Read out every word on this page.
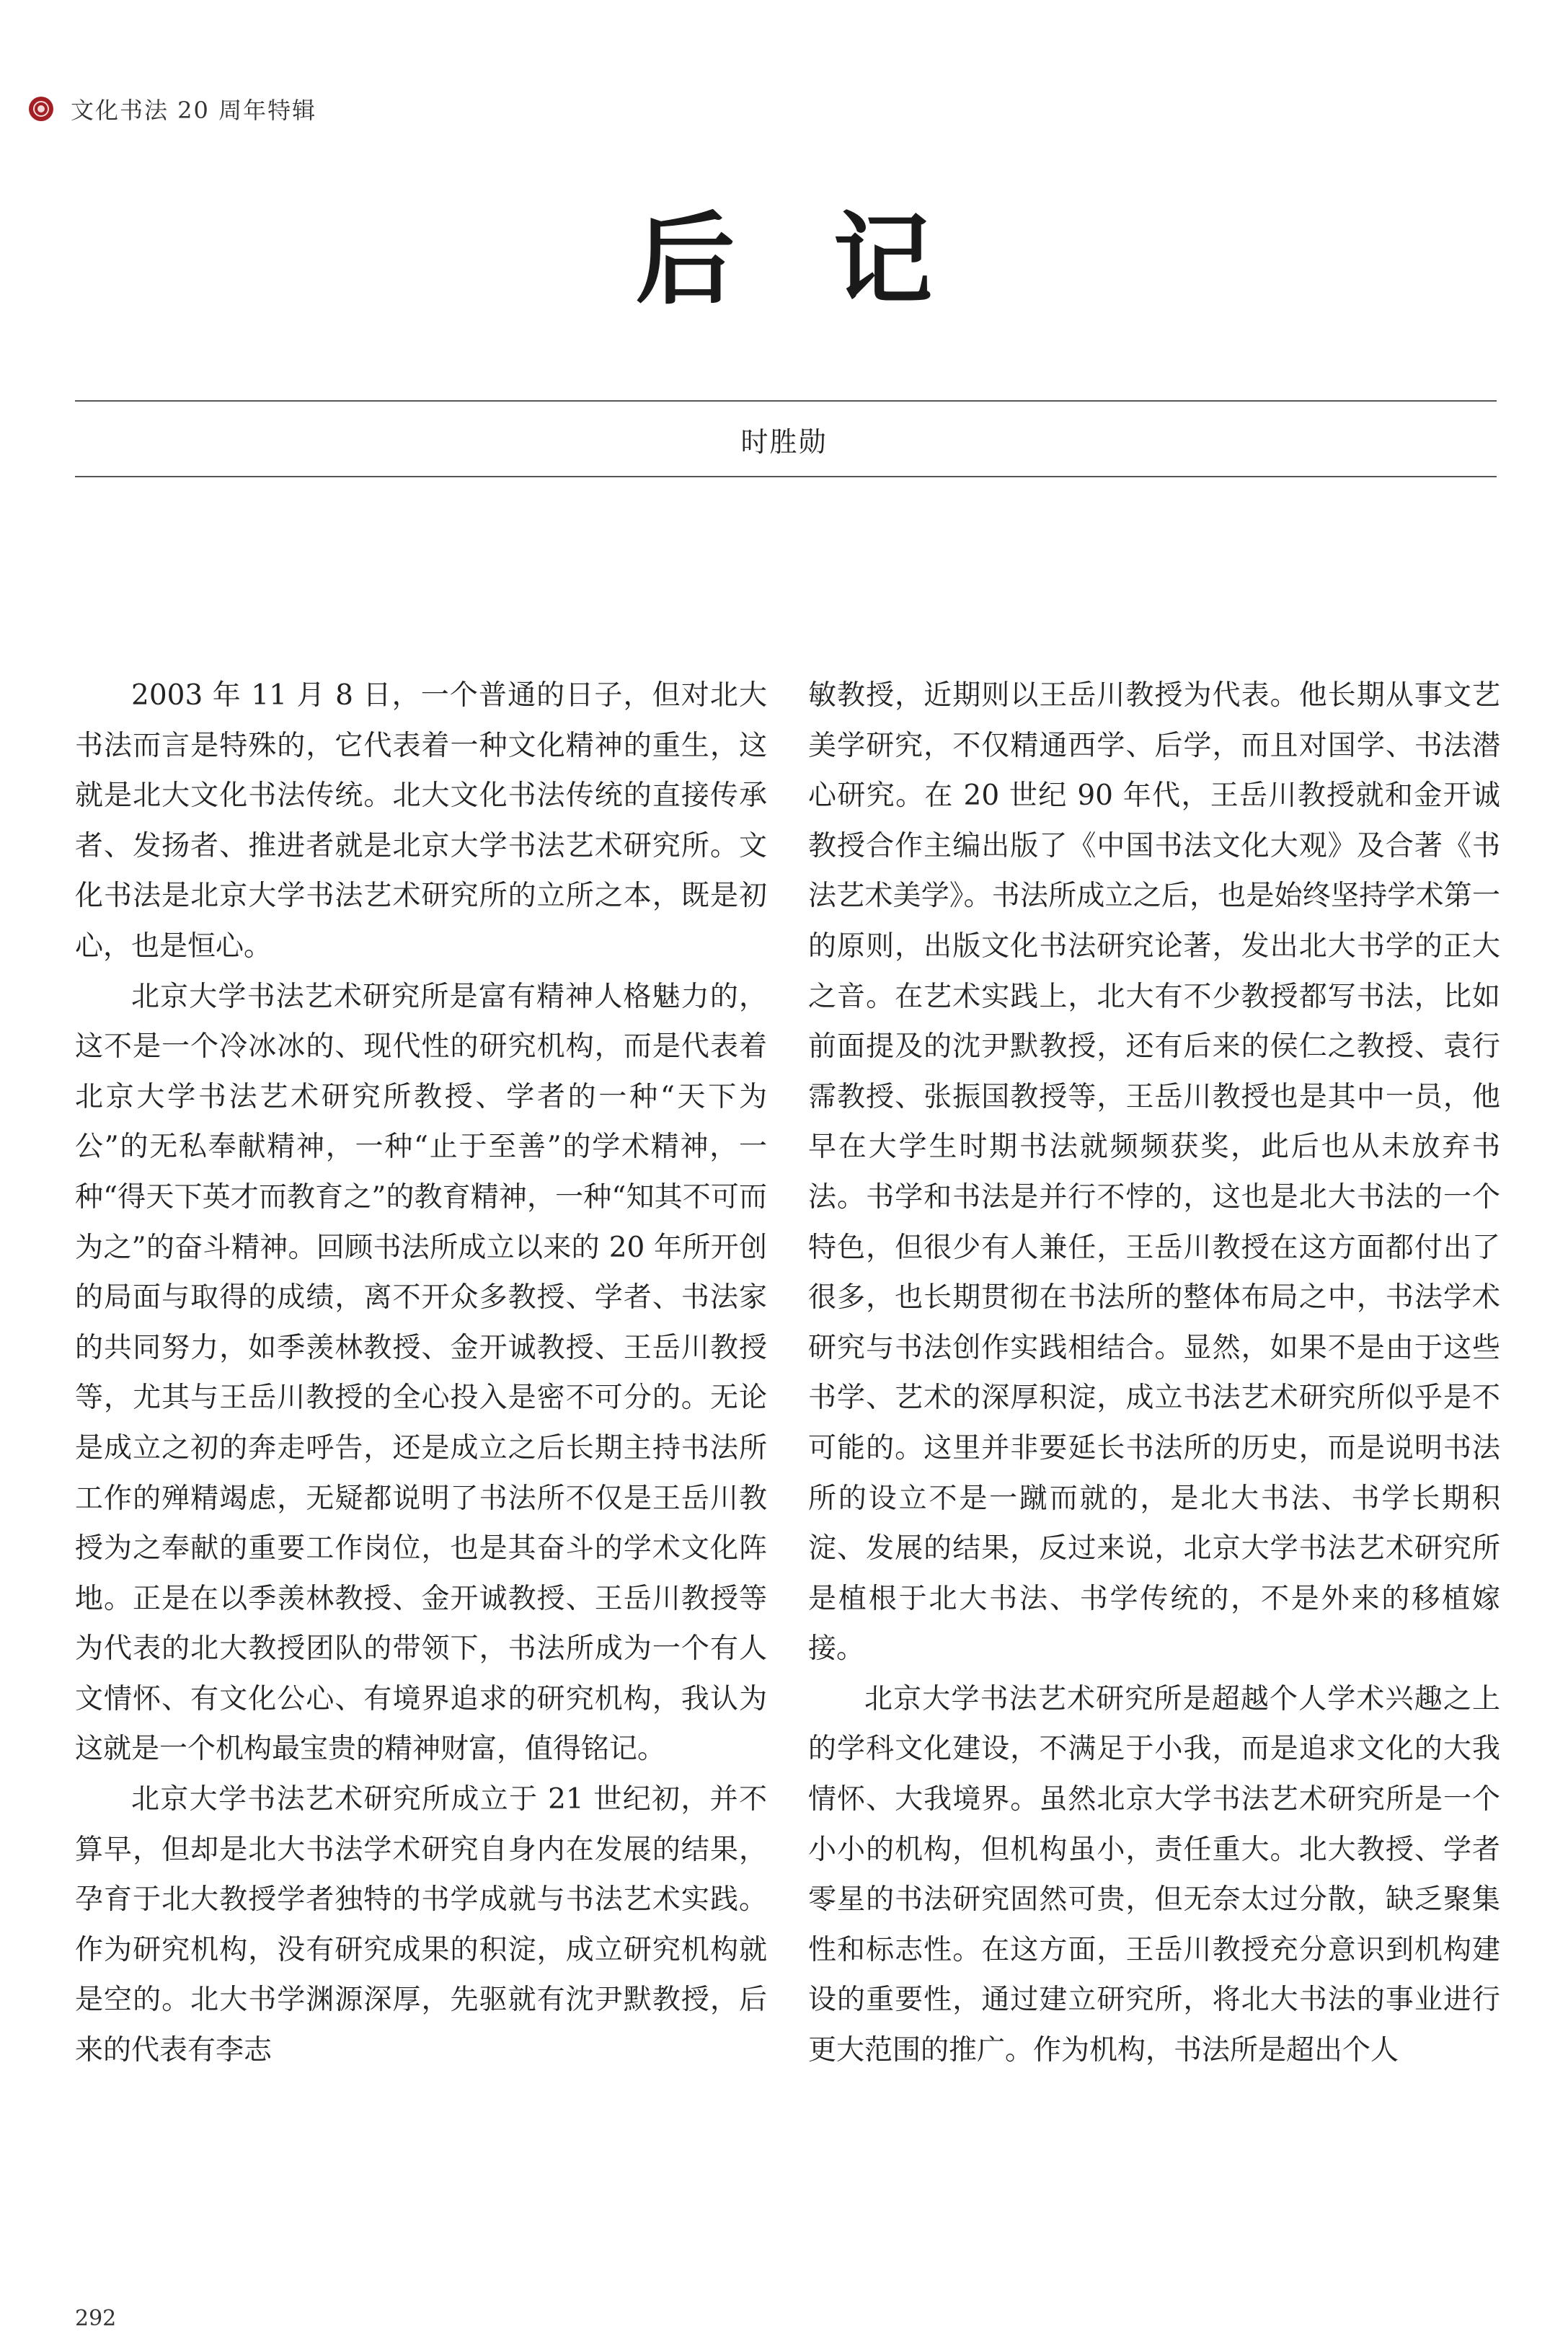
文化书法 20 周年特辑
后 记
时胜勋

2003 年 11 月 8 日，一个普通的日子，但对北大书法而言是特殊的，它代表着一种文化精神的重生，这就是北大文化书法传统。北大文化书法传统的直接传承者、发扬者、推进者就是北京大学书法艺术研究所。文化书法是北京大学书法艺术研究所的立所之本，既是初心，也是恒心。

北京大学书法艺术研究所是富有精神人格魅力的，这不是一个冷冰冰的、现代性的研究机构，而是代表着北京大学书法艺术研究所教授、学者的一种“天下为公”的无私奉献精神，一种“止于至善”的学术精神，一种“得天下英才而教育之”的教育精神，一种“知其不可而为之”的奋斗精神。回顾书法所成立以来的 20 年所开创的局面与取得的成绩，离不开众多教授、学者、书法家的共同努力，如季羡林教授、金开诚教授、王岳川教授等，尤其与王岳川教授的全心投入是密不可分的。无论是成立之初的奔走呼告，还是成立之后长期主持书法所工作的殚精竭虑，无疑都说明了书法所不仅是王岳川教授为之奉献的重要工作岗位，也是其奋斗的学术文化阵地。正是在以季羡林教授、金开诚教授、王岳川教授等为代表的北大教授团队的带领下，书法所成为一个有人文情怀、有文化公心、有境界追求的研究机构，我认为这就是一个机构最宝贵的精神财富，值得铭记。

北京大学书法艺术研究所成立于 21 世纪初，并不算早，但却是北大书法学术研究自身内在发展的结果，孕育于北大教授学者独特的书学成就与书法艺术实践。作为研究机构，没有研究成果的积淀，成立研究机构就是空的。北大书学渊源深厚，先驱就有沈尹默教授，后来的代表有李志

敏教授，近期则以王岳川教授为代表。他长期从事文艺美学研究，不仅精通西学、后学，而且对国学、书法潜心研究。在 20 世纪 90 年代，王岳川教授就和金开诚教授合作主编出版了《中国书法文化大观》及合著《书法艺术美学》。书法所成立之后，也是始终坚持学术第一的原则，出版文化书法研究论著，发出北大书学的正大之音。在艺术实践上，北大有不少教授都写书法，比如前面提及的沈尹默教授，还有后来的侯仁之教授、袁行霈教授、张振国教授等，王岳川教授也是其中一员，他早在大学生时期书法就频频获奖，此后也从未放弃书法。书学和书法是并行不悖的，这也是北大书法的一个特色，但很少有人兼任，王岳川教授在这方面都付出了很多，也长期贯彻在书法所的整体布局之中，书法学术研究与书法创作实践相结合。显然，如果不是由于这些书学、艺术的深厚积淀，成立书法艺术研究所似乎是不可能的。这里并非要延长书法所的历史，而是说明书法所的设立不是一蹴而就的，是北大书法、书学长期积淀、发展的结果，反过来说，北京大学书法艺术研究所是植根于北大书法、书学传统的，不是外来的移植嫁接。

北京大学书法艺术研究所是超越个人学术兴趣之上的学科文化建设，不满足于小我，而是追求文化的大我情怀、大我境界。虽然北京大学书法艺术研究所是一个小小的机构，但机构虽小，责任重大。北大教授、学者零星的书法研究固然可贵，但无奈太过分散，缺乏聚集性和标志性。在这方面，王岳川教授充分意识到机构建设的重要性，通过建立研究所，将北大书法的事业进行更大范围的推广。作为机构，书法所是超出个人

292
